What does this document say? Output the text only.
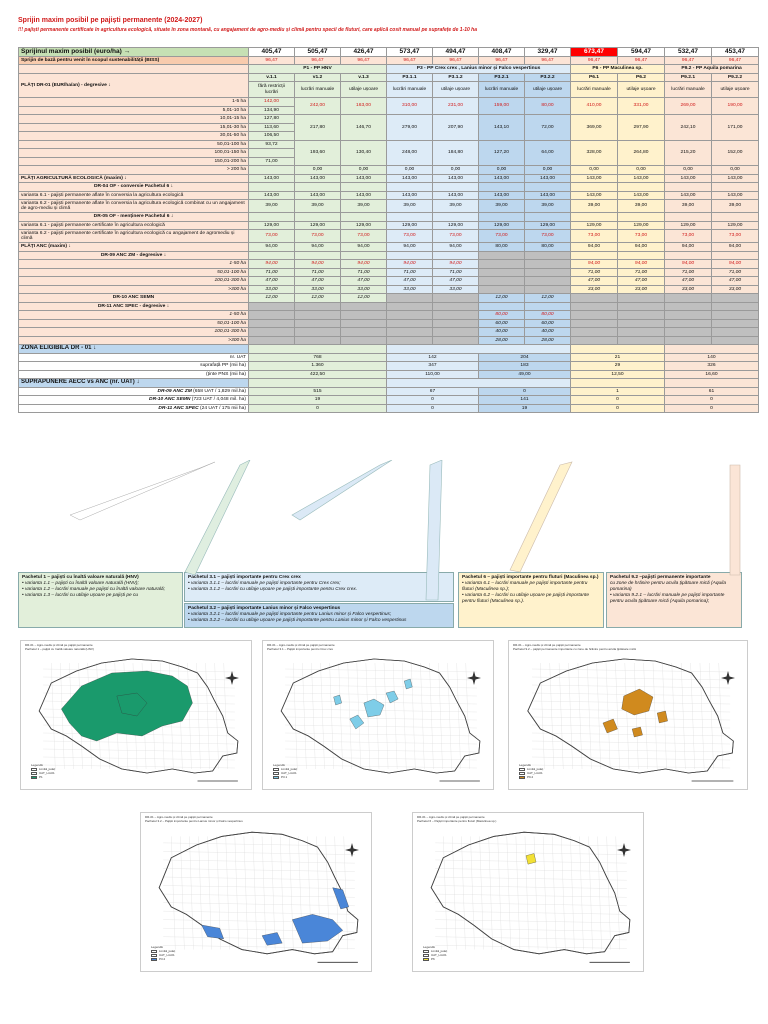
Sprijin maxim posibil pe pajiști permanente (2024-2027)
!!! pajiști permanente certificate în agricultura ecologică, situate în zona montană, cu angajament de agro-mediu și climă pentru specii de fluturi, care aplică cosit manual pe suprafețe de 1-10 ha
Sprijinul maxim posibil (euro/ha) →	405,47	505,47	426,47	573,47	494,47	408,47	329,47	673,47	594,47	532,47	453,47
Sprijin de bază pentru venit în scopul sustenabilității (BISS)	96,47	96,47	96,47	96,47	96,47	96,47	96,47	96,47	96,47	96,47	96,47
	P1 - PP HNV			P3 - PP Crex crex , Lanius minor și Falco vespertinus				P6 - PP Maculinea sp.		P9.2 - PP Aquila pomarina	
PLĂȚI DR-01 (EUR/ha/an) - degresive ↓	v.1.1	v1.2	v.1.3	P3.1.1	P3.1.2	P3.2.1	P3.2.2	P6.1	P6.2	P9.2.1	P9.2.2
	fără restricții lucrări	lucrări manuale	utilaje ușoare	lucrări manuale	utilaje ușoare	lucrări manuale	utilaje ușoare	lucrări manuale	utilaje ușoare	lucrări manuale	utilaje ușoare
1-5 ha	142,00	242,00	163,00	310,00	231,00	159,00	80,00	410,00	331,00	269,00	190,00
5,01-10 ha	134,90										
10,01-15 ha	127,80	217,80	146,70	279,00	207,90	143,10	72,00	369,00	297,90	242,10	171,00
15,01-30 ha	113,60										
30,01-50 ha	106,50										
50,01-100 ha	93,72	193,60	130,40	248,00	184,80	127,20	64,00	328,00	264,80	215,20	152,00
100,01-150 ha											
150,01-200 ha	71,00										
> 200 ha		0,00	0,00	0,00	0,00	0,00	0,00	0,00	0,00	0,00	0,00
PLĂȚI AGRICULTURĂ ECOLOGICĂ (maxim) ↓	143,00	143,00	143,00	143,00	143,00	143,00	143,00	143,00	143,00	143,00	143,00
DR-04 OF - conversie Pachetul 6 ↓											
varianta 6.1 - pajiști permanente aflate în conversia la agricultura ecologică	143,00	143,00	143,00	143,00	143,00	143,00	143,00	143,00	143,00	143,00	143,00
varianta 6.2 - pajiști permanente aflate în conversia la agricultura ecologică combinat cu un angajament de agro-mediu și climă	39,00	39,00	39,00	39,00	39,00	39,00	39,00	39,00	39,00	39,00	39,00
DR-05 OF - menținere Pachetul 6 ↓											
varianta 6.1 - pajiști permanente certificate în agricultura ecologică	129,00	129,00	129,00	129,00	129,00	129,00	129,00	129,00	129,00	129,00	129,00
varianta 6.2 - pajiști permanente certificate în agricultura ecologică cu angajament de agromediu și climă	73,00	73,00	73,00	73,00	73,00	73,00	73,00	73,00	73,00	73,00	73,00
PLĂȚI ANC (maxim) ↓	94,00	94,00	94,00	94,00	94,00	80,00	80,00	94,00	94,00	94,00	94,00
DR-09 ANC ZM - degresive ↓											
1-50 ha	94,00	94,00	94,00	94,00	94,00			94,00	94,00	94,00	94,00
50,01-100 ha	71,00	71,00	71,00	71,00	71,00			71,00	71,00	71,00	71,00
100,01-300 ha	47,00	47,00	47,00	47,00	47,00			47,00	47,00	47,00	47,00
>300 ha	33,00	33,00	33,00	33,00	33,00			33,00	33,00	33,00	33,00
DR-10 ANC SEMN	12,00	12,00	12,00			12,00	12,00				
DR-11 ANC SPEC - degresive ↓											
1-50 ha						80,00	80,00				
50,01-100 ha						60,00	60,00				
100,01-300 ha						40,00	40,00				
>300 ha						28,00	28,00				
ZONA ELIGIBILĂ DR - 01 ↓											
nr. UAT	768			142		204		21		140	
suprafață PP (mii ha)	1.360			347		183		29		326	
(ținte PNS (mii ha)	422,50			110,00		49,00		12,50		16,60	
SUPRAPUNERE AECC vs ANC (nr. UAT) ↓											
DR-09 ANC ZM (658 UAT / 1,829 mil.ha)	515			67		0		1		61	
DR-10 ANC SEMN (723 UAT / 4,048 mil. ha)	19			0		141		0		0	
DR-11 ANC SPEC (24 UAT / 175 mii ha)	0			0		19		0		0	
Pachetul 1 – pajiști cu înaltă valoare naturală (HNV)
• varianta 1.1 – pajiști cu înaltă valoare naturală (HNV);
• varianta 1.2 – lucrări manuale pe pajiști cu înaltă valoare naturală;
• varianta 1.3 – lucrări cu utilaje ușoare pe pajiști pe cu
Pachetul 3.1 – pajiști importante pentru Crex crex
• varianta 3.1.1 – lucrări manuale pe pajiști importante pentru Crex crex;
• varianta 3.1.2 – lucrări cu utilaje ușoare pe pajiști importante pentru Crex crex.
Pachetul 3.2 – pajiști importante Lanius minor și Falco vespertinus
• varianta 3.2.1 – lucrări manuale pe pajiști importante pentru Lanius minor și Falco vespertinus;
• varianta 3.2.2 – lucrări cu utilaje ușoare pe pajiști importante pentru Lanius minor și Falco vespertinus
Pachetul 6 – pajiști importante pentru fluturi (Maculinea sp.)
• varianta 6.1 – lucrări manuale pe pajiști importante pentru fluturi (Maculinea sp.);
• varianta 6.2 – lucrări cu utilaje ușoare pe pajiști importante pentru fluturi (Maculinea sp.).
Pachetul 9.2 –pajiști permanente importante
cu zone de hrănire pentru acvila țipătoare mică (Aquila pomarina)
• varianta 9.2.1 – lucrări manuale pe pajiști importante pentru acvila țipătoare mică (Aquila pomarina);
DR-01 – Agro-mediu și climă pe pajiști permanente
Pachetul 1 – pajiști cu înaltă valoare naturală (HNV)
Legendă
Limită_județ
UAT_Lim01
P1
DR-01 – Agro-mediu și climă pe pajiști permanente
Pachetul 3.1 – Pajiști importante pentru Crex crex
Legendă
Limită_județ
UAT_Lim01
P3.1
DR-01 – Agro-mediu și climă pe pajiști permanente
Pachetul 9.2 – pajiști permanente importante cu zone de hrănire pentru acvila țipătoare mică
Legendă
Limită_județ
UAT_Lim01
P9.2
DR-01 – Agro-mediu și climă pe pajiști permanente
Pachetul 3.2 – Pajiști importante pentru Lanius minor și Falco vespertinus
Legendă
Limită_județ
UAT_Lim01
P3.2
DR-01 – Agro-mediu și climă pe pajiști permanente
Pachetul 6 – Pajiști importante pentru fluturi (Maculinea sp.)
Legendă
Limită_județ
UAT_Lim01
P6
